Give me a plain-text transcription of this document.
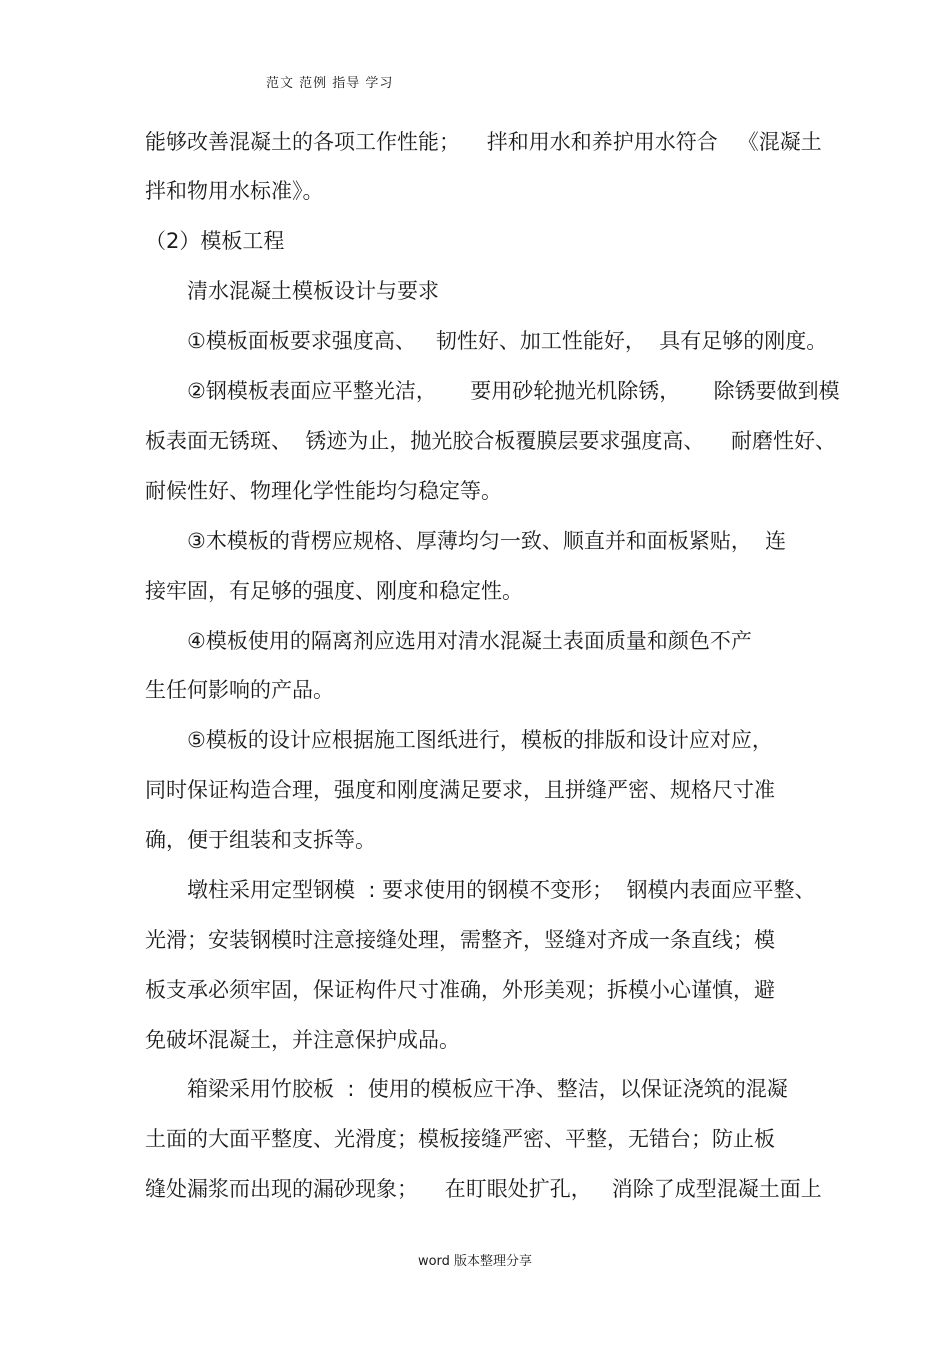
范文 范例 指导 学习
能够改善混凝土的各项工作性能；    拌和用水和养护用水符合   《混凝土
拌和物用水标准》。
（2）模板工程
清水混凝土模板设计与要求
①模板面板要求强度高、   韧性好、加工性能好，  具有足够的刚度。
②钢模板表面应平整光洁，     要用砂轮抛光机除锈，     除锈要做到模
板表面无锈斑、  锈迹为止，抛光胶合板覆膜层要求强度高、    耐磨性好、
耐候性好、物理化学性能均匀稳定等。
③木模板的背楞应规格、厚薄均匀一致、顺直并和面板紧贴，  连
接牢固，有足够的强度、刚度和稳定性。
④模板使用的隔离剂应选用对清水混凝土表面质量和颜色不产
生任何影响的产品。
⑤模板的设计应根据施工图纸进行，模板的排版和设计应对应，
同时保证构造合理，强度和刚度满足要求，且拼缝严密、规格尺寸准
确，便于组装和支拆等。
墩柱采用定型钢模  : 要求使用的钢模不变形；  钢模内表面应平整、
光滑；安装钢模时注意接缝处理，需整齐，竖缝对齐成一条直线；模
板支承必须牢固，保证构件尺寸准确，外形美观；拆模小心谨慎，避
免破坏混凝土，并注意保护成品。
箱梁采用竹胶板  :  使用的模板应干净、整洁，以保证浇筑的混凝
土面的大面平整度、光滑度；模板接缝严密、平整，无错台；防止板
缝处漏浆而出现的漏砂现象；    在盯眼处扩孔，   消除了成型混凝土面上
word 版本整理分享
